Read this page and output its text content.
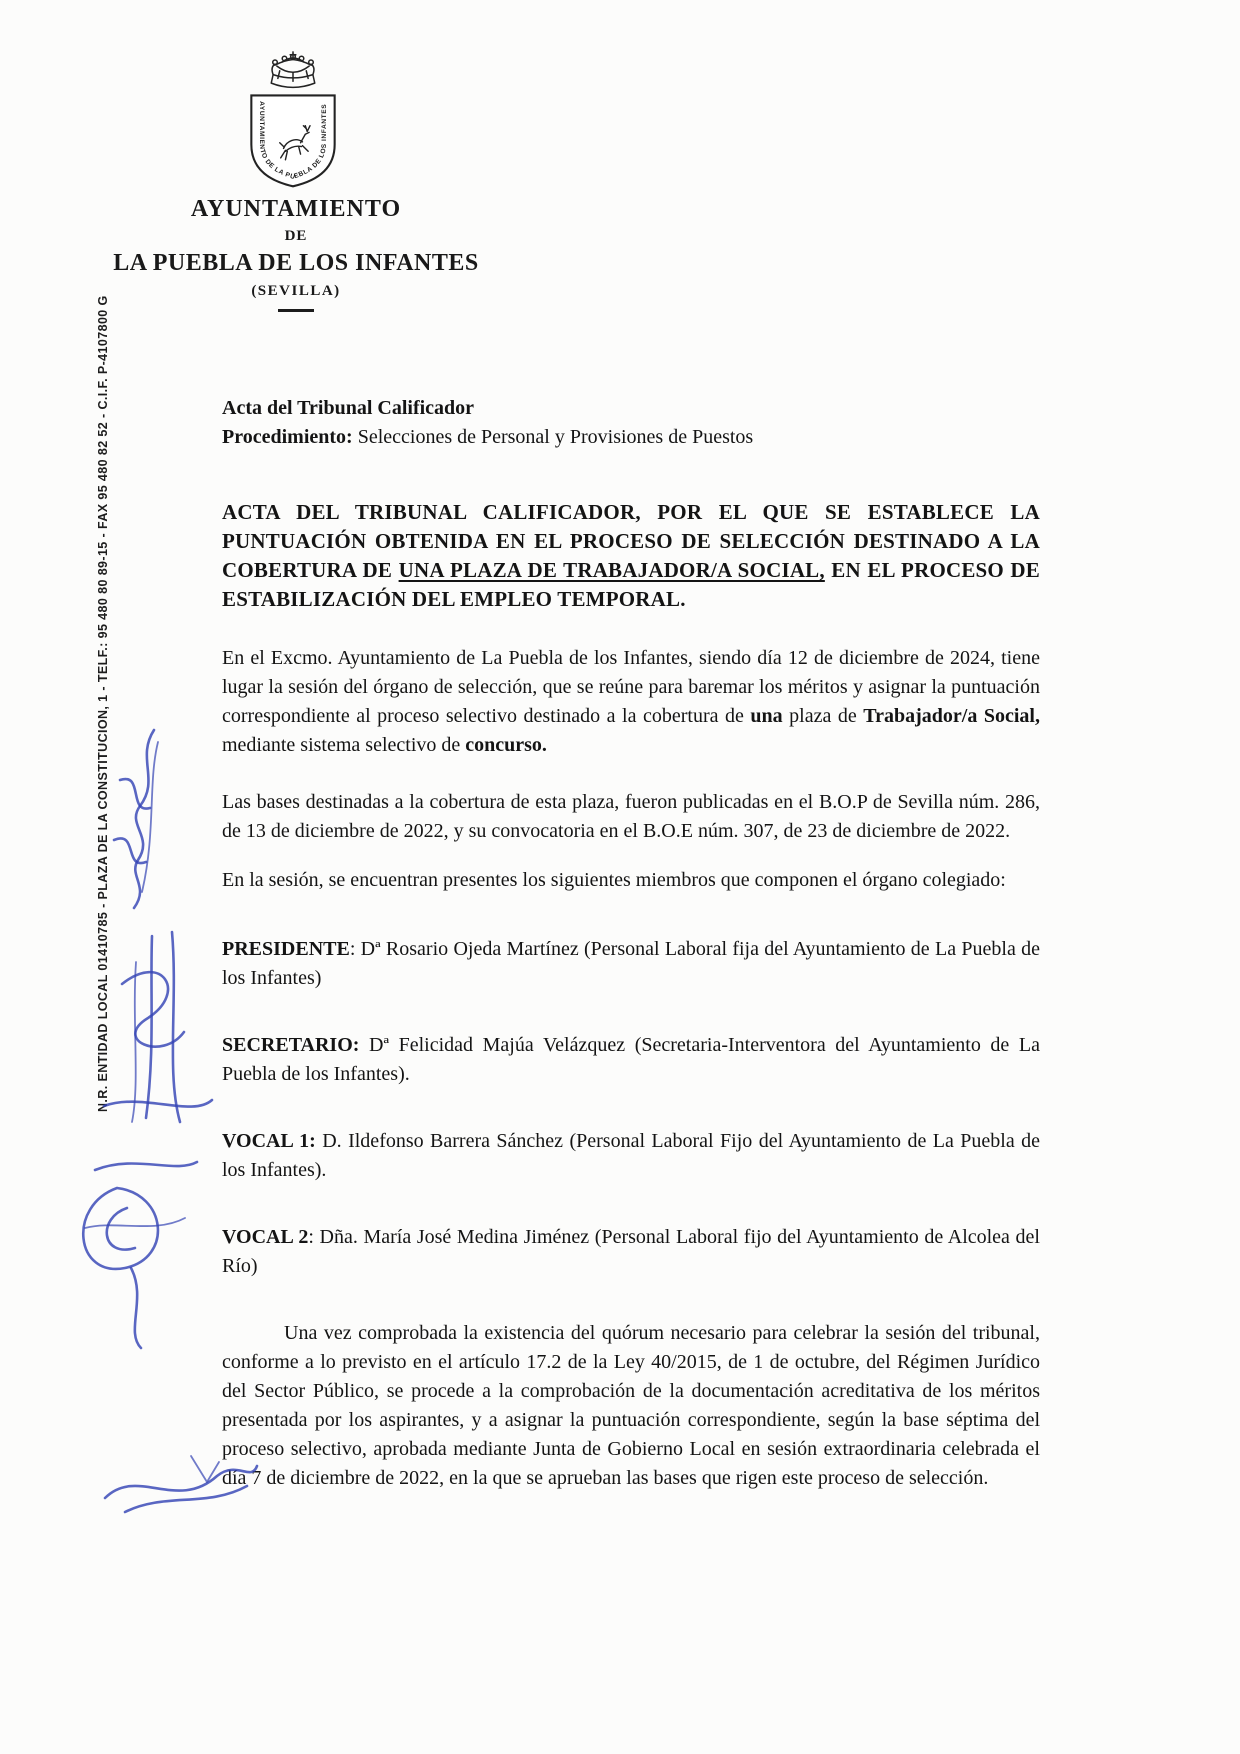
AYUNTAMIENTO DE LA PUEBLA DE LOS INFANTES
AYUNTAMIENTO
DE
LA PUEBLA DE LOS INFANTES
(SEVILLA)
N.R. ENTIDAD LOCAL 01410785 - PLAZA DE LA CONSTITUCION, 1 - TELF.: 95 480 80 89-15 - FAX 95 480 82 52 - C.I.F. P-4107800 G	Acta del Tribunal Calificador

Procedimiento: Selecciones de Personal y Provisiones de Puestos

ACTA DEL TRIBUNAL CALIFICADOR, POR EL QUE SE ESTABLECE LA PUNTUACIÓN OBTENIDA EN EL PROCESO DE SELECCIÓN DESTINADO A LA COBERTURA DE UNA PLAZA DE TRABAJADOR/A SOCIAL, EN EL PROCESO DE ESTABILIZACIÓN DEL EMPLEO TEMPORAL.

En el Excmo. Ayuntamiento de La Puebla de los Infantes, siendo día 12 de diciembre de 2024, tiene lugar la sesión del órgano de selección, que se reúne para baremar los méritos y asignar la puntuación correspondiente al proceso selectivo destinado a la cobertura de una plaza de Trabajador/a Social, mediante sistema selectivo de concurso.

Las bases destinadas a la cobertura de esta plaza, fueron publicadas en el B.O.P de Sevilla núm. 286, de 13 de diciembre de 2022, y su convocatoria en el B.O.E núm. 307, de 23 de diciembre de 2022.

En la sesión, se encuentran presentes los siguientes miembros que componen el órgano colegiado:

PRESIDENTE: Dª Rosario Ojeda Martínez (Personal Laboral fija del Ayuntamiento de La Puebla de los Infantes)

SECRETARIO: Dª Felicidad Majúa Velázquez (Secretaria-Interventora del Ayuntamiento de La Puebla de los Infantes).

VOCAL 1: D. Ildefonso Barrera Sánchez (Personal Laboral Fijo del Ayuntamiento de La Puebla de los Infantes).

VOCAL 2: Dña. María José Medina Jiménez (Personal Laboral fijo del Ayuntamiento de Alcolea del Río)

Una vez comprobada la existencia del quórum necesario para celebrar la sesión del tribunal, conforme a lo previsto en el artículo 17.2 de la Ley 40/2015, de 1 de octubre, del Régimen Jurídico del Sector Público, se procede a la comprobación de la documentación acreditativa de los méritos presentada por los aspirantes, y a asignar la puntuación correspondiente, según la base séptima del proceso selectivo, aprobada mediante Junta de Gobierno Local en sesión extraordinaria celebrada el día 7 de diciembre de 2022, en la que se aprueban las bases que rigen este proceso de selección.
